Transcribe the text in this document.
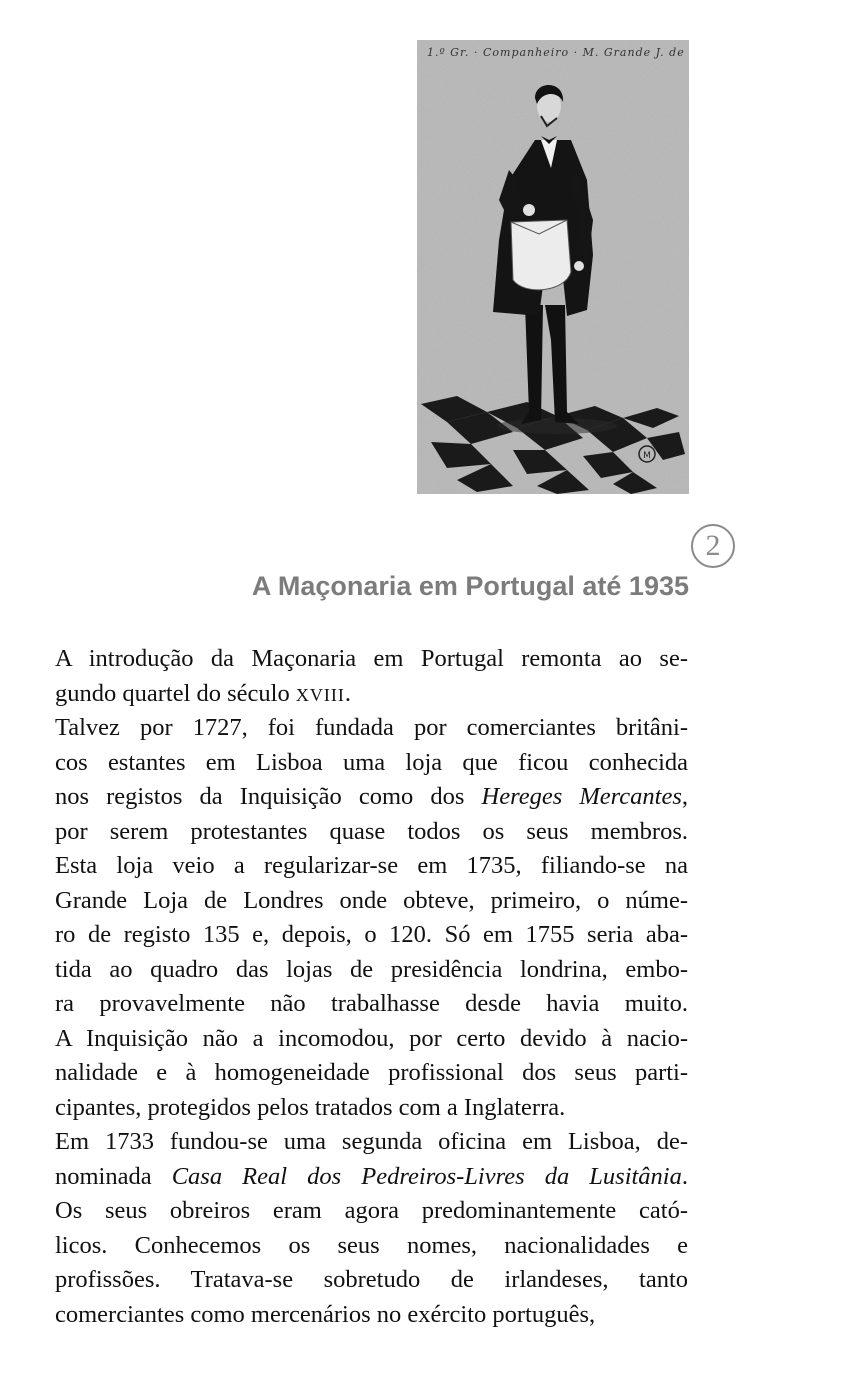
M
1.º Gr. · Companheiro · M. Grande J. de
2
A Maçonaria em Portugal até 1935
A introdução da Maçonaria em Portugal remonta ao se-
gundo quartel do século XVIII.
Talvez por 1727, foi fundada por comerciantes britâni-
cos estantes em Lisboa uma loja que ficou conhecida
nos registos da Inquisição como dos Hereges Mercantes,
por serem protestantes quase todos os seus membros.
Esta loja veio a regularizar-se em 1735, filiando-se na
Grande Loja de Londres onde obteve, primeiro, o núme-
ro de registo 135 e, depois, o 120. Só em 1755 seria aba-
tida ao quadro das lojas de presidência londrina, embo-
ra provavelmente não trabalhasse desde havia muito.
A Inquisição não a incomodou, por certo devido à nacio-
nalidade e à homogeneidade profissional dos seus parti-
cipantes, protegidos pelos tratados com a Inglaterra.
Em 1733 fundou-se uma segunda oficina em Lisboa, de-
nominada Casa Real dos Pedreiros-Livres da Lusitânia.
Os seus obreiros eram agora predominantemente cató-
licos. Conhecemos os seus nomes, nacionalidades e
profissões. Tratava-se sobretudo de irlandeses, tanto
comerciantes como mercenários no exército português,
